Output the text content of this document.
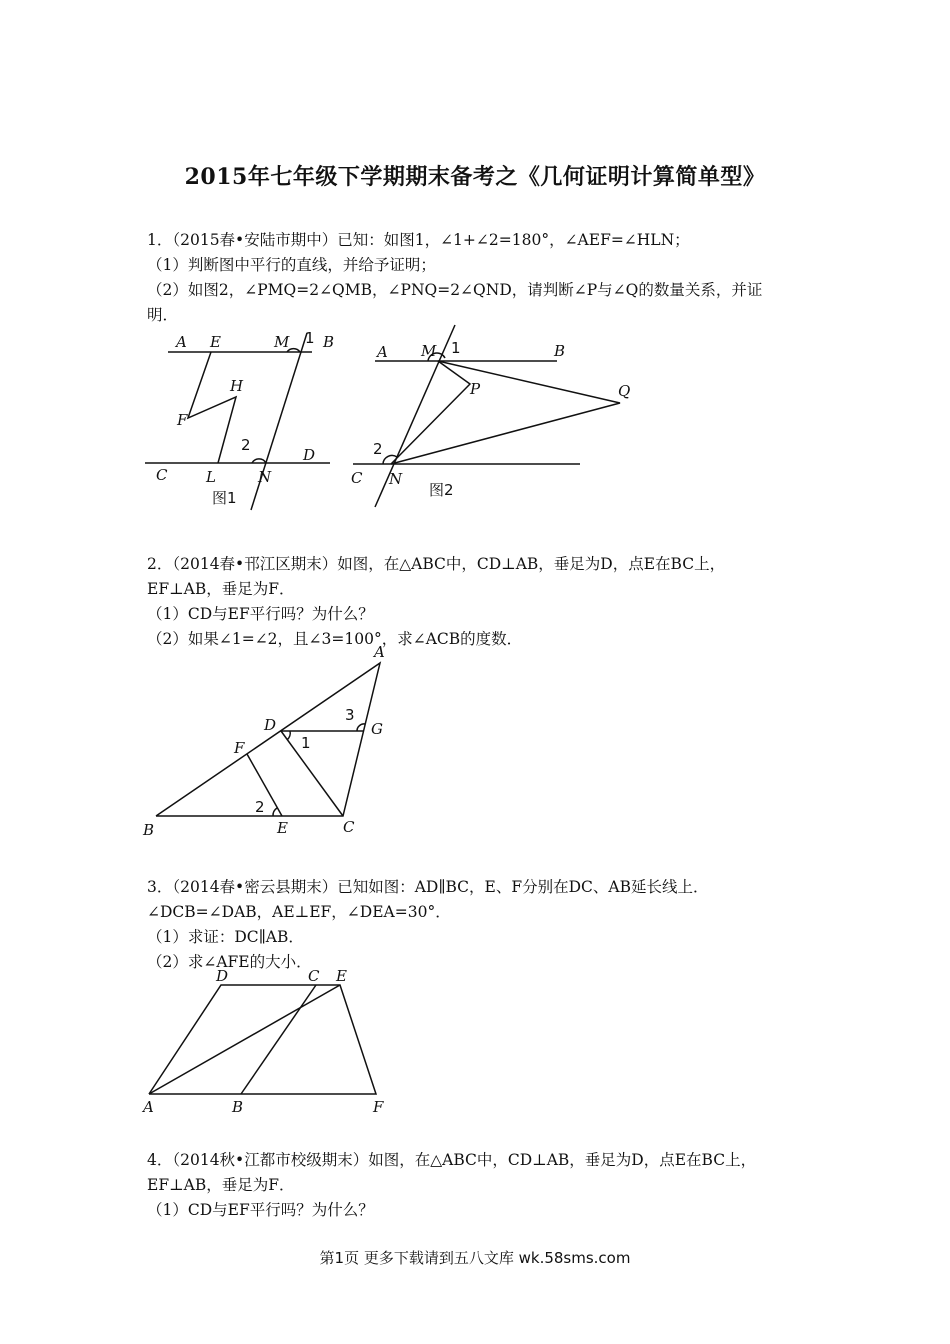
2015年七年级下学期期末备考之《几何证明计算简单型》
1．（2015春•安陆市期中）已知：如图1，∠1+∠2=180°，∠AEF=∠HLN；
（1）判断图中平行的直线，并给予证明；
（2）如图2，∠PMQ=2∠QMB，∠PNQ=2∠QND，请判断∠P与∠Q的数量关系，并证
明．
A E	M 1 B
H
F
2
D
C	L	N
图1
A M 1	B
P	Q
2
C N
图2
2．（2014春•邗江区期末）如图，在△ABC中，CD⊥AB，垂足为D，点E在BC上，
EF⊥AB，垂足为F．
（1）CD与EF平行吗？为什么？
（2）如果∠1=∠2，且∠3=100°，求∠ACB的度数．
A
D
3
G
F	1
2
B	E	C
3．（2014春•密云县期末）已知如图：AD∥BC，E、F分别在DC、AB延长线上．
∠DCB=∠DAB，AE⊥EF，∠DEA=30°．
（1）求证：DC∥AB．
（2）求∠AFE的大小．
D	C E
A	B	F
4．（2014秋•江都市校级期末）如图，在△ABC中，CD⊥AB，垂足为D，点E在BC上，
EF⊥AB，垂足为F．
（1）CD与EF平行吗？为什么？
第1页 更多下载请到五八文库 wk.58sms.com
